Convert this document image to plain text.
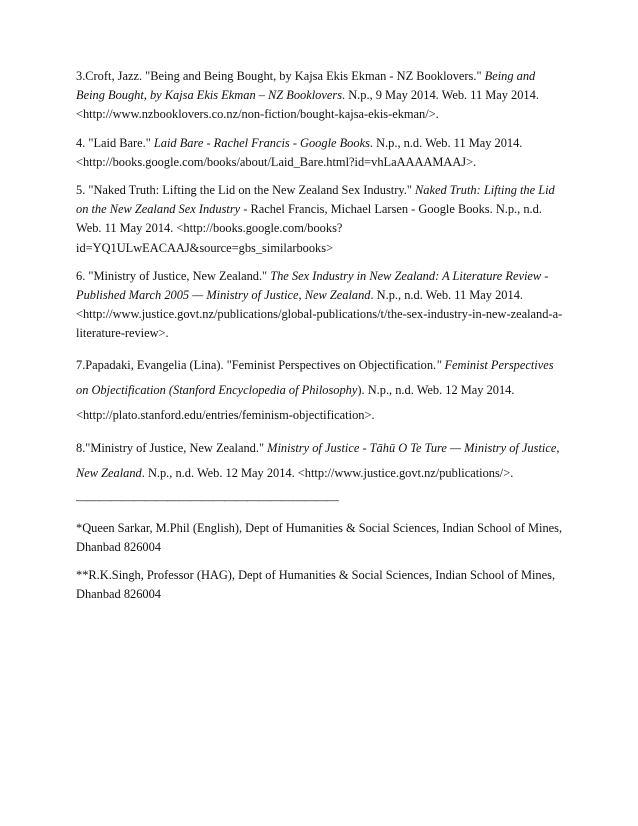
3.Croft, Jazz. "Being and Being Bought, by Kajsa Ekis Ekman - NZ Booklovers." Being and Being Bought, by Kajsa Ekis Ekman – NZ Booklovers. N.p., 9 May 2014. Web. 11 May 2014. <http://www.nzbooklovers.co.nz/non-fiction/bought-kajsa-ekis-ekman/>.

4. "Laid Bare." Laid Bare - Rachel Francis - Google Books. N.p., n.d. Web. 11 May 2014. <http://books.google.com/books/about/Laid_Bare.html?id=vhLaAAAAMAAJ>.

5. "Naked Truth: Lifting the Lid on the New Zealand Sex Industry." Naked Truth: Lifting the Lid on the New Zealand Sex Industry - Rachel Francis, Michael Larsen - Google Books. N.p., n.d. Web. 11 May 2014. <http://books.google.com/books?id=YQ1ULwEACAAJ&source=gbs_similarbooks>

6. "Ministry of Justice, New Zealand." The Sex Industry in New Zealand: A Literature Review - Published March 2005 — Ministry of Justice, New Zealand. N.p., n.d. Web. 11 May 2014. <http://www.justice.govt.nz/publications/global-publications/t/the-sex-industry-in-new-zealand-a-literature-review>.

7.Papadaki, Evangelia (Lina). "Feminist Perspectives on Objectification." Feminist Perspectives on Objectification (Stanford Encyclopedia of Philosophy). N.p., n.d. Web. 12 May 2014. <http://plato.stanford.edu/entries/feminism-objectification>.

8."Ministry of Justice, New Zealand." Ministry of Justice - Tāhū O Te Ture — Ministry of Justice, New Zealand. N.p., n.d. Web. 12 May 2014. <http://www.justice.govt.nz/publications/>.

———————————————————————

*Queen Sarkar, M.Phil (English), Dept of Humanities & Social Sciences, Indian School of Mines, Dhanbad 826004

**R.K.Singh, Professor (HAG), Dept of Humanities & Social Sciences, Indian School of Mines, Dhanbad 826004
